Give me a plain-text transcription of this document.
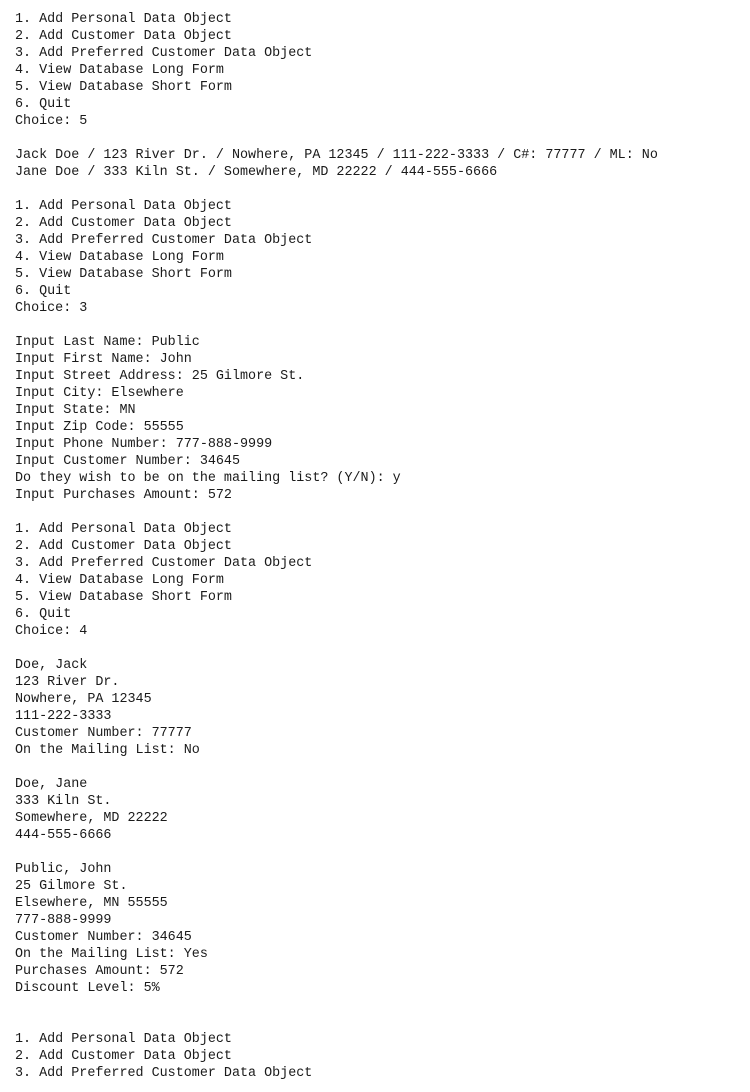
1. Add Personal Data Object
2. Add Customer Data Object
3. Add Preferred Customer Data Object
4. View Database Long Form
5. View Database Short Form
6. Quit
Choice: 5
Jack Doe / 123 River Dr. / Nowhere, PA 12345 / 111-222-3333 / C#: 77777 / ML: No
Jane Doe / 333 Kiln St. / Somewhere, MD 22222 / 444-555-6666
1. Add Personal Data Object
2. Add Customer Data Object
3. Add Preferred Customer Data Object
4. View Database Long Form
5. View Database Short Form
6. Quit
Choice: 3
Input Last Name: Public
Input First Name: John
Input Street Address: 25 Gilmore St.
Input City: Elsewhere
Input State: MN
Input Zip Code: 55555
Input Phone Number: 777-888-9999
Input Customer Number: 34645
Do they wish to be on the mailing list? (Y/N): y
Input Purchases Amount: 572
1. Add Personal Data Object
2. Add Customer Data Object
3. Add Preferred Customer Data Object
4. View Database Long Form
5. View Database Short Form
6. Quit
Choice: 4
Doe, Jack
123 River Dr.
Nowhere, PA 12345
111-222-3333
Customer Number: 77777
On the Mailing List: No
Doe, Jane
333 Kiln St.
Somewhere, MD 22222
444-555-6666
Public, John
25 Gilmore St.
Elsewhere, MN 55555
777-888-9999
Customer Number: 34645
On the Mailing List: Yes
Purchases Amount: 572
Discount Level: 5%
1. Add Personal Data Object
2. Add Customer Data Object
3. Add Preferred Customer Data Object
